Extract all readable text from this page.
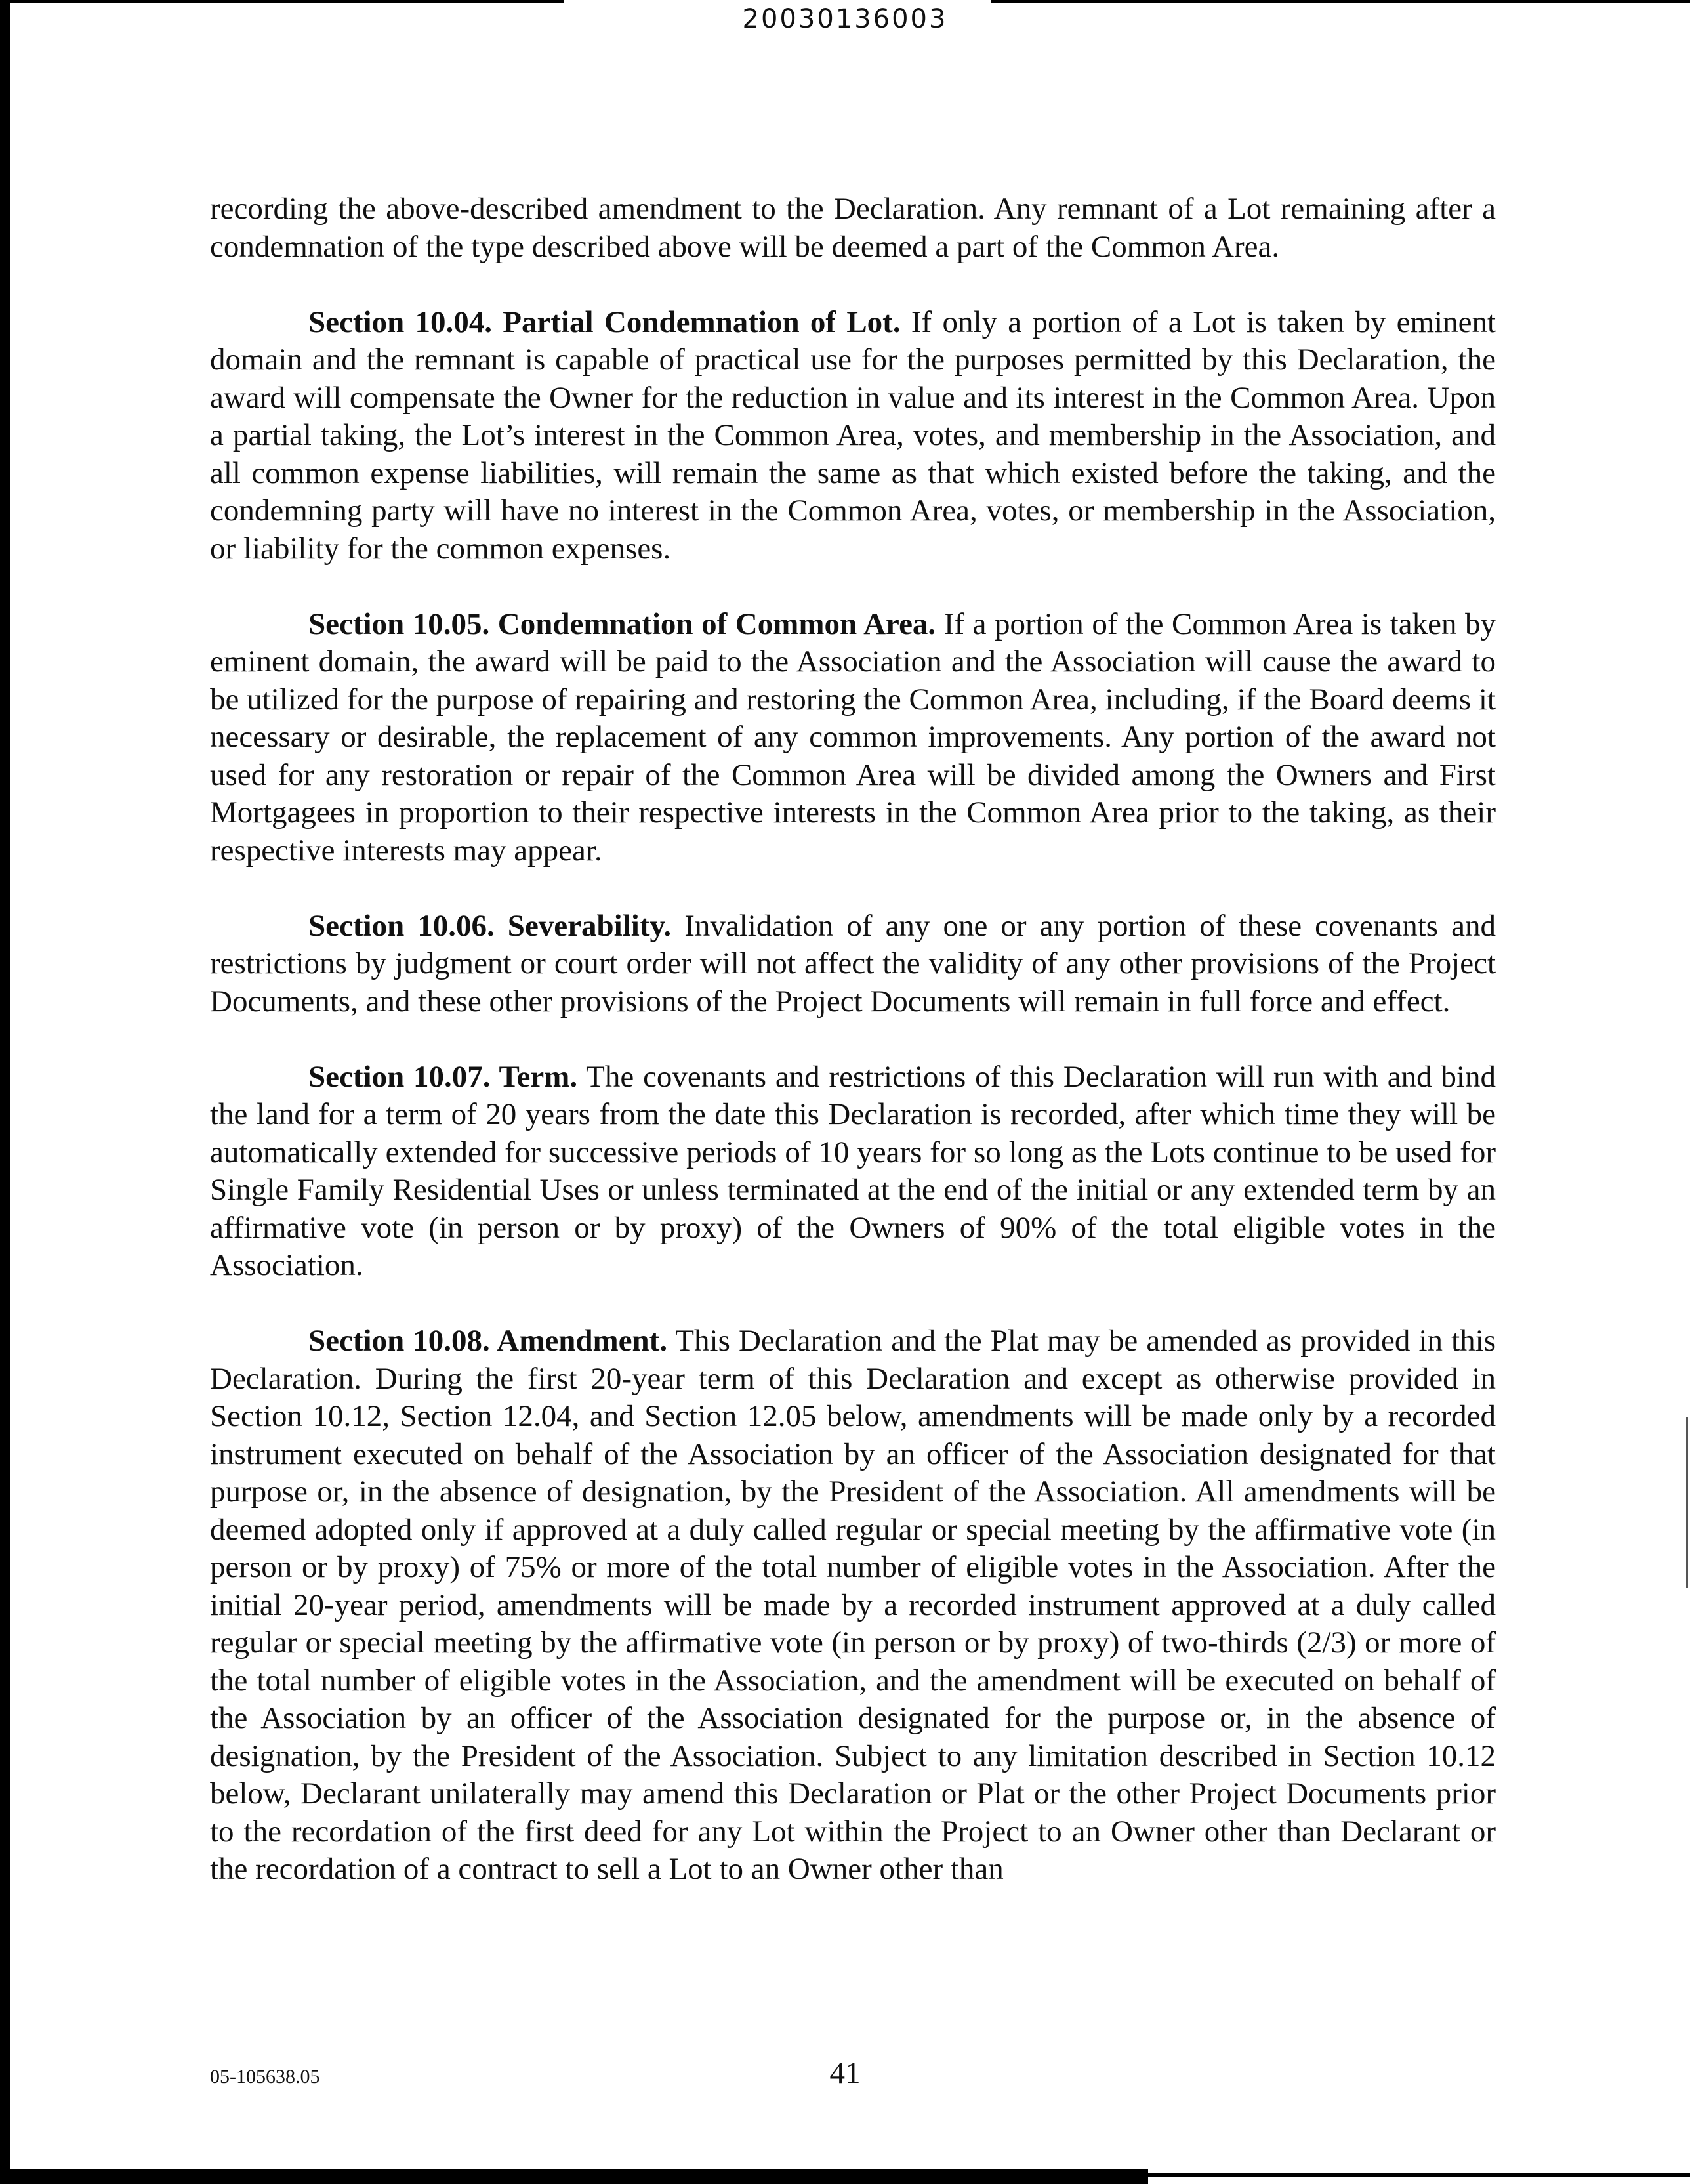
20030136003

recording the above-described amendment to the Declaration. Any remnant of a Lot remaining after a condemnation of the type described above will be deemed a part of the Common Area.

Section 10.04. Partial Condemnation of Lot. If only a portion of a Lot is taken by eminent domain and the remnant is capable of practical use for the purposes permitted by this Declaration, the award will compensate the Owner for the reduction in value and its interest in the Common Area. Upon a partial taking, the Lot’s interest in the Common Area, votes, and membership in the Association, and all common expense liabilities, will remain the same as that which existed before the taking, and the condemning party will have no interest in the Common Area, votes, or membership in the Association, or liability for the common expenses.

Section 10.05. Condemnation of Common Area. If a portion of the Common Area is taken by eminent domain, the award will be paid to the Association and the Association will cause the award to be utilized for the purpose of repairing and restoring the Common Area, including, if the Board deems it necessary or desirable, the replacement of any common improvements. Any portion of the award not used for any restoration or repair of the Common Area will be divided among the Owners and First Mortgagees in proportion to their respective interests in the Common Area prior to the taking, as their respective interests may appear.

Section 10.06. Severability. Invalidation of any one or any portion of these covenants and restrictions by judgment or court order will not affect the validity of any other provisions of the Project Documents, and these other provisions of the Project Documents will remain in full force and effect.

Section 10.07. Term. The covenants and restrictions of this Declaration will run with and bind the land for a term of 20 years from the date this Declaration is recorded, after which time they will be automatically extended for successive periods of 10 years for so long as the Lots continue to be used for Single Family Residential Uses or unless terminated at the end of the initial or any extended term by an affirmative vote (in person or by proxy) of the Owners of 90% of the total eligible votes in the Association.

Section 10.08. Amendment. This Declaration and the Plat may be amended as provided in this Declaration. During the first 20-year term of this Declaration and except as otherwise provided in Section 10.12, Section 12.04, and Section 12.05 below, amendments will be made only by a recorded instrument executed on behalf of the Association by an officer of the Association designated for that purpose or, in the absence of designation, by the President of the Association. All amendments will be deemed adopted only if approved at a duly called regular or special meeting by the affirmative vote (in person or by proxy) of 75% or more of the total number of eligible votes in the Association. After the initial 20-year period, amendments will be made by a recorded instrument approved at a duly called regular or special meeting by the affirmative vote (in person or by proxy) of two-thirds (2/3) or more of the total number of eligible votes in the Association, and the amendment will be executed on behalf of the Association by an officer of the Association designated for the purpose or, in the absence of designation, by the President of the Association. Subject to any limitation described in Section 10.12 below, Declarant unilaterally may amend this Declaration or Plat or the other Project Documents prior to the recordation of the first deed for any Lot within the Project to an Owner other than Declarant or the recordation of a contract to sell a Lot to an Owner other than

05-105638.05	41
